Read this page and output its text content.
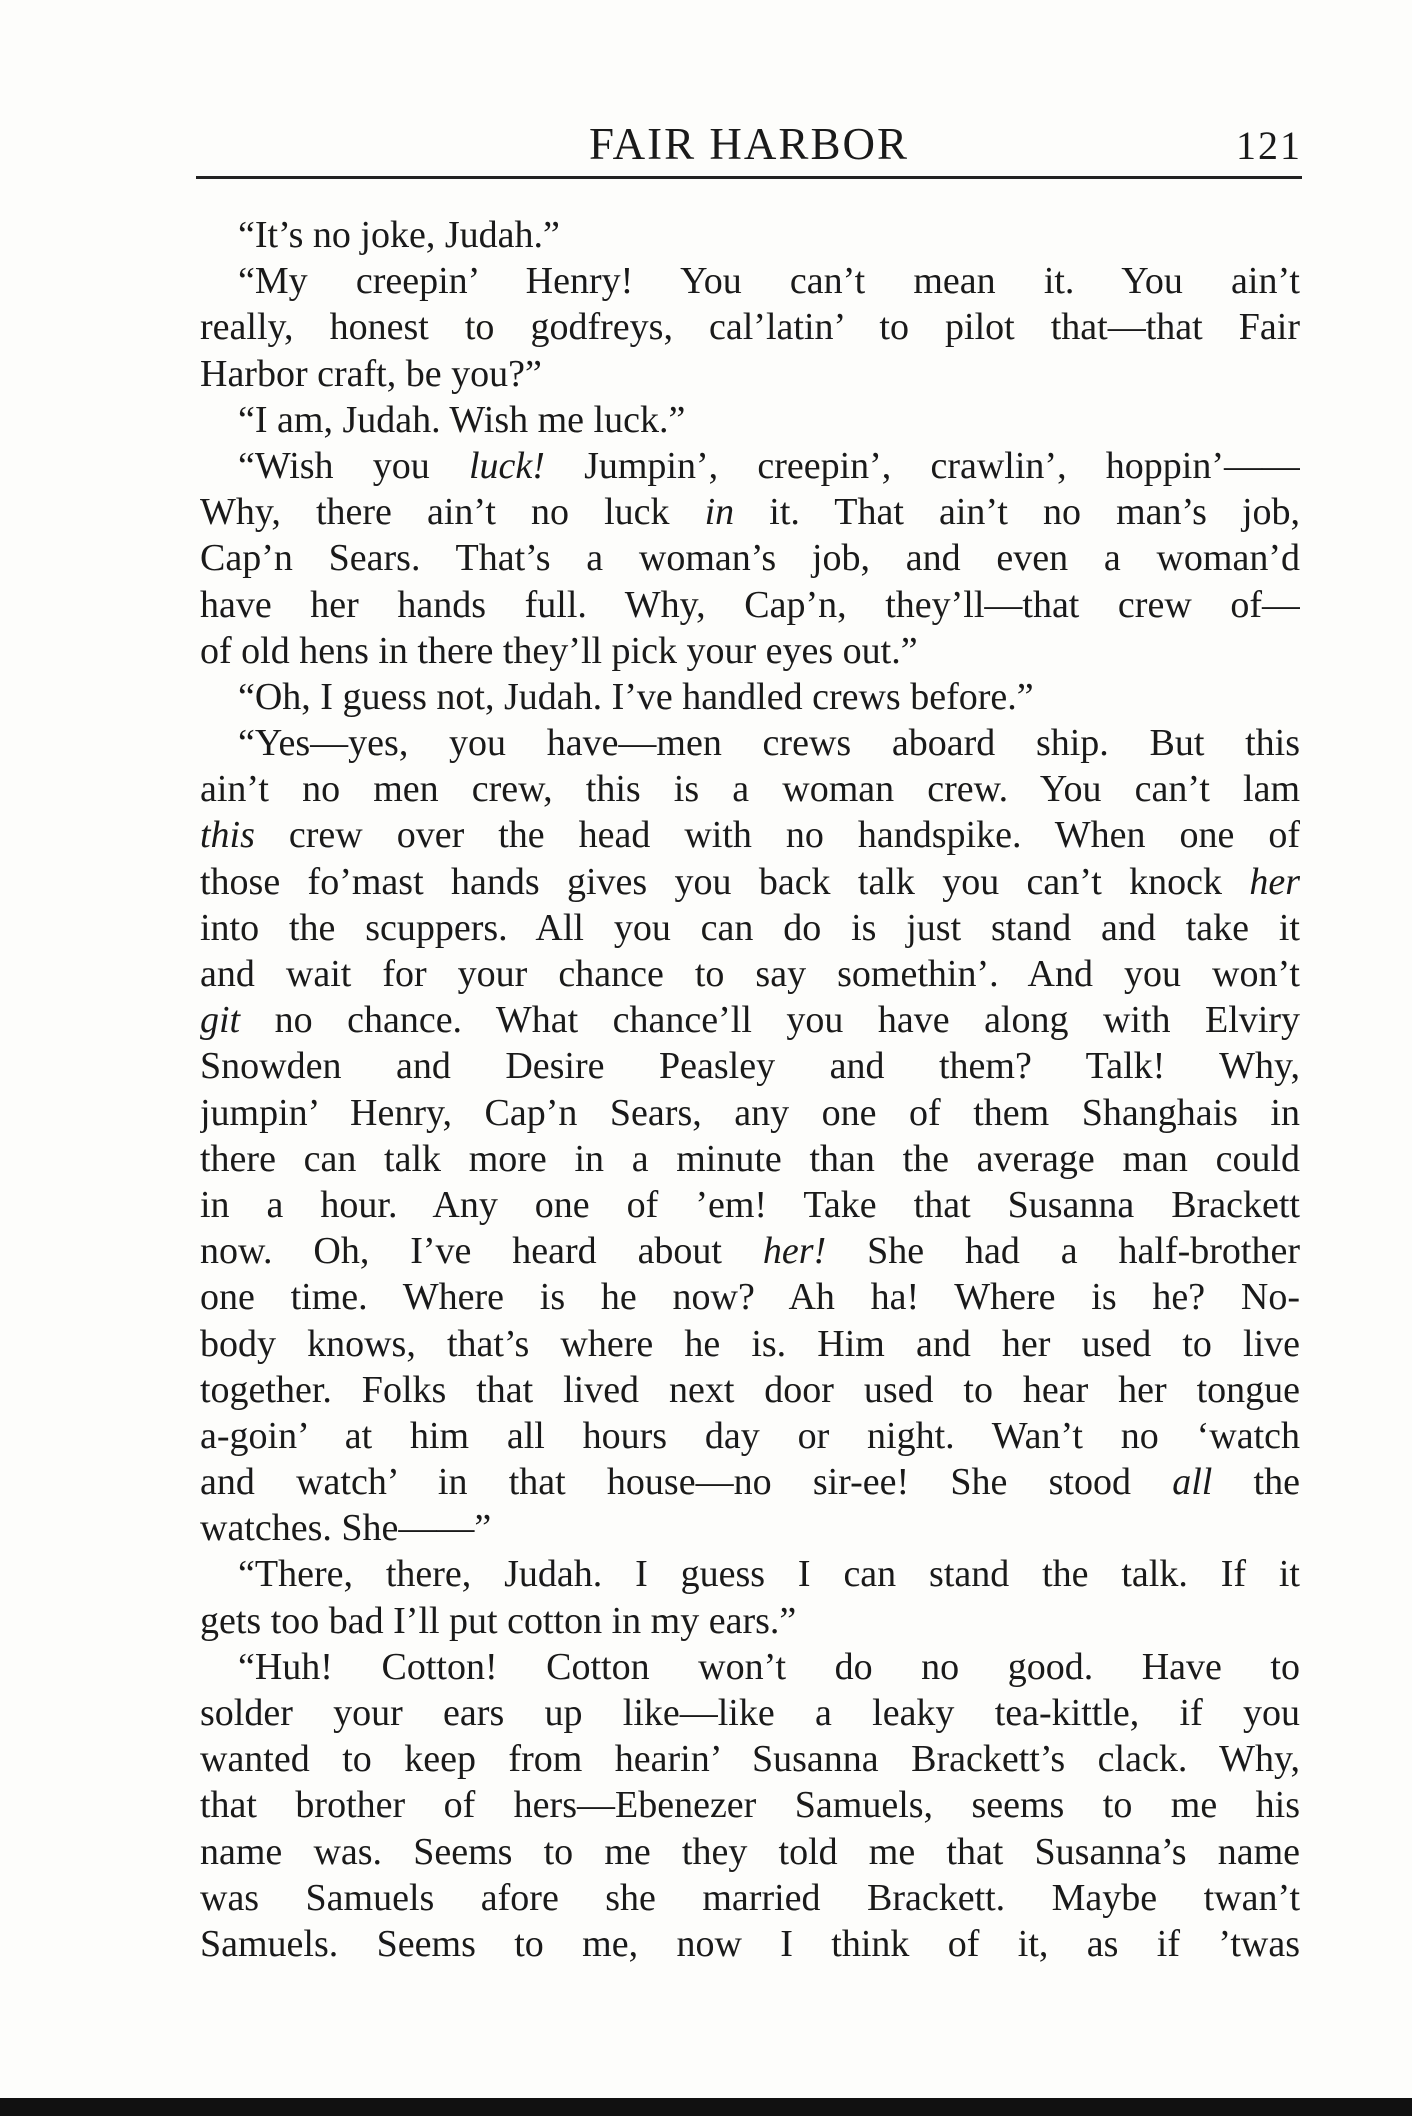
FAIR HARBOR	121
“It’s no joke, Judah.”
“My creepin’ Henry! You can’t mean it. You ain’t
really, honest to godfreys, cal’latin’ to pilot that—that Fair
Harbor craft, be you?”
“I am, Judah. Wish me luck.”
“Wish you luck! Jumpin’, creepin’, crawlin’, hoppin’——
Why, there ain’t no luck in it. That ain’t no man’s job,
Cap’n Sears. That’s a woman’s job, and even a woman’d
have her hands full. Why, Cap’n, they’ll—that crew of—
of old hens in there they’ll pick your eyes out.”
“Oh, I guess not, Judah. I’ve handled crews before.”
“Yes—yes, you have—men crews aboard ship. But this
ain’t no men crew, this is a woman crew. You can’t lam
this crew over the head with no handspike. When one of
those fo’mast hands gives you back talk you can’t knock her
into the scuppers. All you can do is just stand and take it
and wait for your chance to say somethin’. And you won’t
git no chance. What chance’ll you have along with Elviry
Snowden and Desire Peasley and them? Talk! Why,
jumpin’ Henry, Cap’n Sears, any one of them Shanghais in
there can talk more in a minute than the average man could
in a hour. Any one of ’em! Take that Susanna Brackett
now. Oh, I’ve heard about her! She had a half-brother
one time. Where is he now? Ah ha! Where is he? No-
body knows, that’s where he is. Him and her used to live
together. Folks that lived next door used to hear her tongue
a-goin’ at him all hours day or night. Wan’t no ‘watch
and watch’ in that house—no sir-ee! She stood all the
watches. She——”
“There, there, Judah. I guess I can stand the talk. If it
gets too bad I’ll put cotton in my ears.”
“Huh! Cotton! Cotton won’t do no good. Have to
solder your ears up like—like a leaky tea-kittle, if you
wanted to keep from hearin’ Susanna Brackett’s clack. Why,
that brother of hers—Ebenezer Samuels, seems to me his
name was. Seems to me they told me that Susanna’s name
was Samuels afore she married Brackett. Maybe twan’t
Samuels. Seems to me, now I think of it, as if ’twas
